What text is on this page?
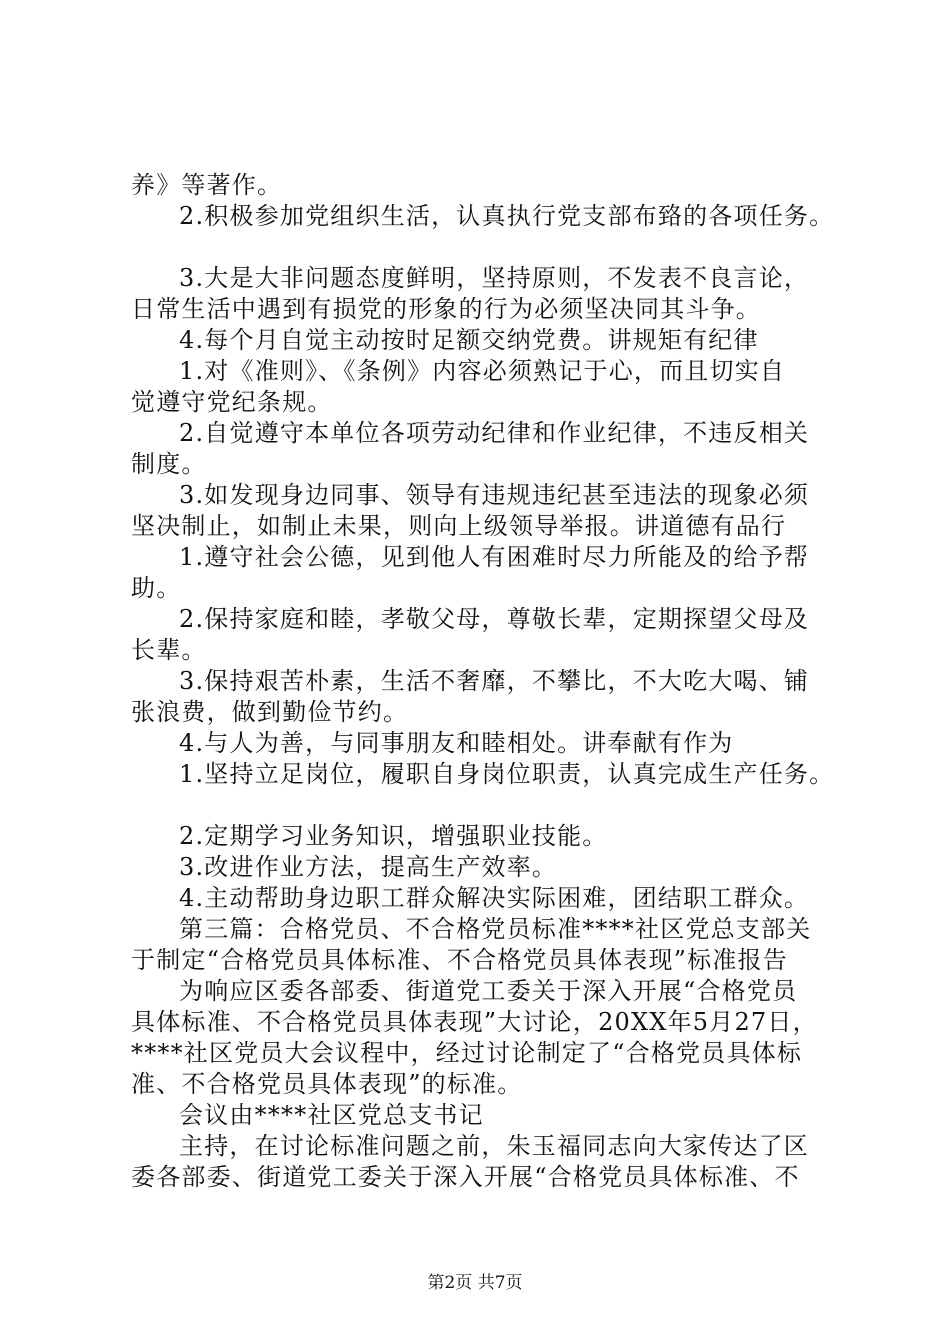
养》等著作。
2.积极参加党组织生活，认真执行党支部布臵的各项任务。
3.大是大非问题态度鲜明，坚持原则，不发表不良言论，
日常生活中遇到有损党的形象的行为必须坚决同其斗争。
4.每个月自觉主动按时足额交纳党费。讲规矩有纪律
1.对《准则》、《条例》内容必须熟记于心，而且切实自
觉遵守党纪条规。
2.自觉遵守本单位各项劳动纪律和作业纪律，不违反相关
制度。
3.如发现身边同事、领导有违规违纪甚至违法的现象必须
坚决制止，如制止未果，则向上级领导举报。讲道德有品行
1.遵守社会公德，见到他人有困难时尽力所能及的给予帮
助。
2.保持家庭和睦，孝敬父母，尊敬长辈，定期探望父母及
长辈。
3.保持艰苦朴素，生活不奢靡，不攀比，不大吃大喝、铺
张浪费，做到勤俭节约。
4.与人为善，与同事朋友和睦相处。讲奉献有作为
1.坚持立足岗位，履职自身岗位职责，认真完成生产任务。
2.定期学习业务知识，增强职业技能。
3.改进作业方法，提高生产效率。
4.主动帮助身边职工群众解决实际困难，团结职工群众。
第三篇：合格党员、不合格党员标准****社区党总支部关
于制定“合格党员具体标准、不合格党员具体表现”标准报告
为响应区委各部委、街道党工委关于深入开展“合格党员
具体标准、不合格党员具体表现”大讨论，20XX年5月27日，
****社区党员大会议程中，经过讨论制定了“合格党员具体标
准、不合格党员具体表现”的标准。
会议由****社区党总支书记
主持，在讨论标准问题之前，朱玉福同志向大家传达了区
委各部委、街道党工委关于深入开展“合格党员具体标准、不
第2页 共7页
